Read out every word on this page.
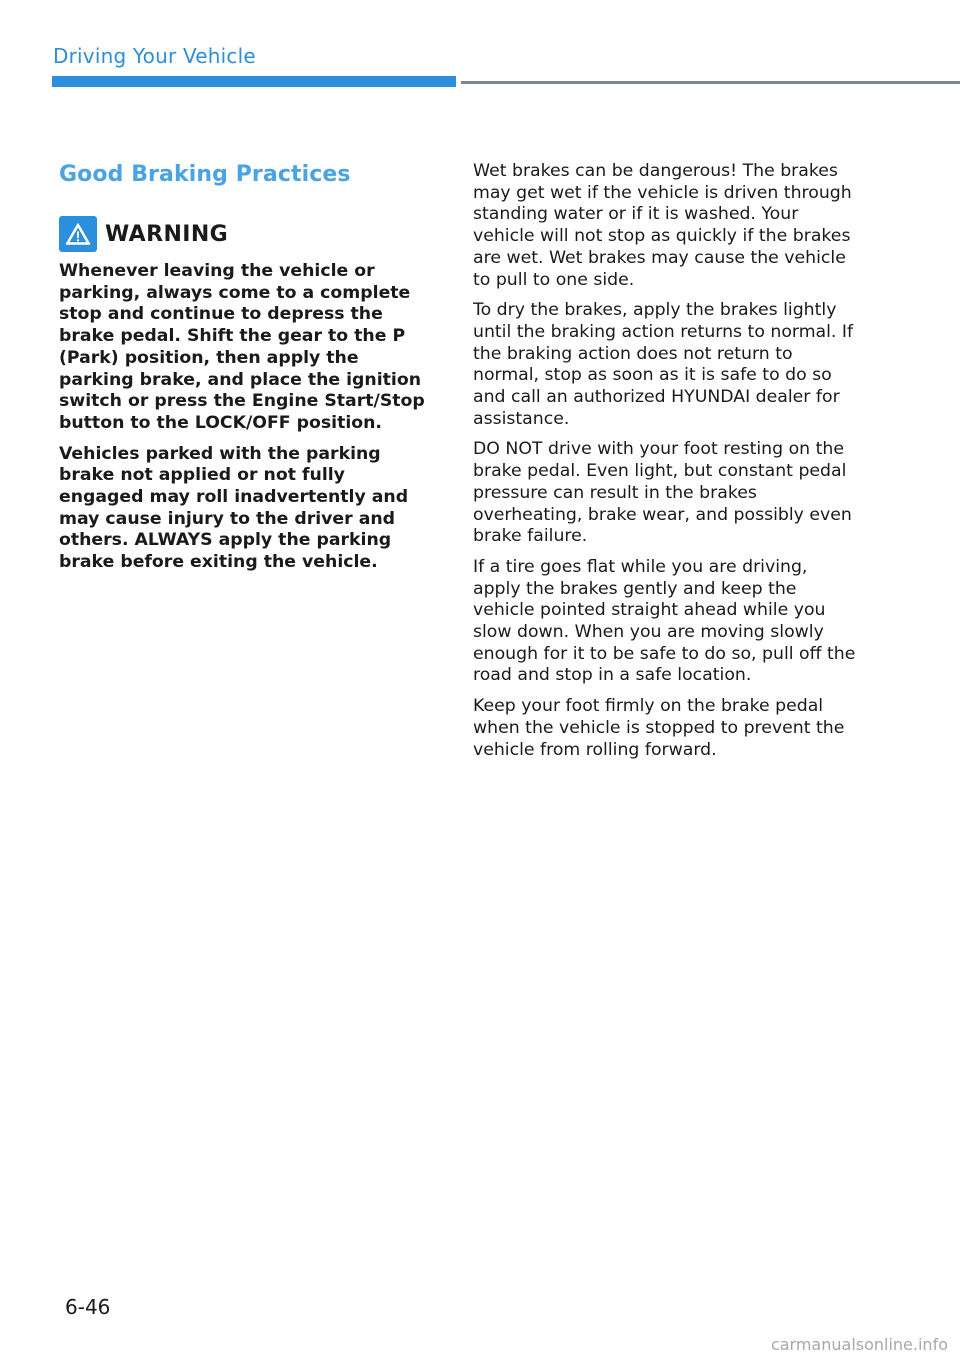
Driving Your Vehicle
Good Braking Practices
WARNING

Whenever leaving the vehicle or parking, always come to a complete stop and continue to depress the brake pedal. Shift the gear to the P (Park) position, then apply the parking brake, and place the ignition switch or press the Engine Start/Stop button to the LOCK/OFF position.

Vehicles parked with the parking brake not applied or not fully engaged may roll inadvertently and may cause injury to the driver and others. ALWAYS apply the parking brake before exiting the vehicle.

Wet brakes can be dangerous! The brakes may get wet if the vehicle is driven through standing water or if it is washed. Your vehicle will not stop as quickly if the brakes are wet. Wet brakes may cause the vehicle to pull to one side.

To dry the brakes, apply the brakes lightly until the braking action returns to normal. If the braking action does not return to normal, stop as soon as it is safe to do so and call an authorized HYUNDAI dealer for assistance.

DO NOT drive with your foot resting on the brake pedal. Even light, but constant pedal pressure can result in the brakes overheating, brake wear, and possibly even brake failure.

If a tire goes flat while you are driving, apply the brakes gently and keep the vehicle pointed straight ahead while you slow down. When you are moving slowly enough for it to be safe to do so, pull off the road and stop in a safe location.

Keep your foot firmly on the brake pedal when the vehicle is stopped to prevent the vehicle from rolling forward.

6-46
carmanualsonline.info
